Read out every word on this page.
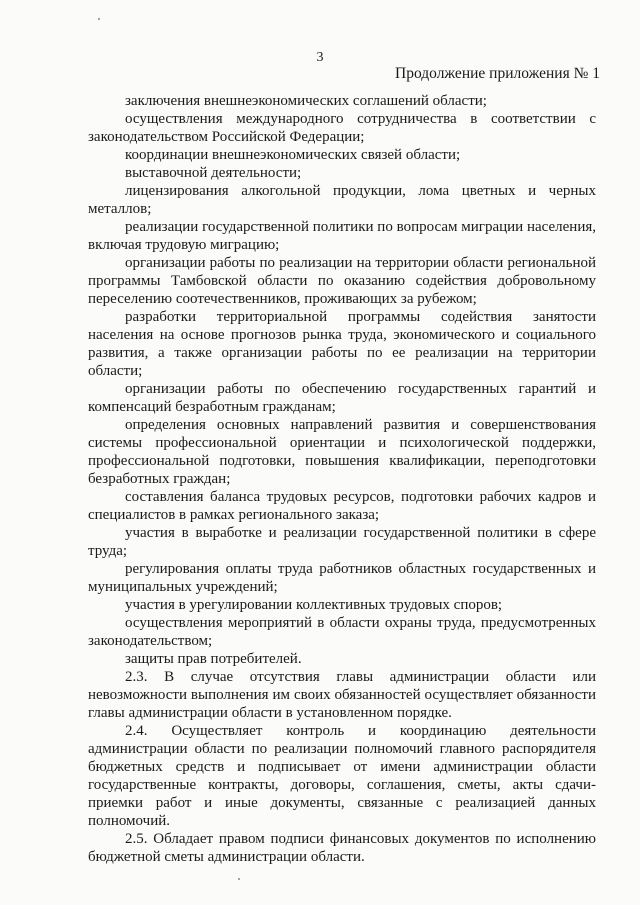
3
Продолжение приложения № 1

заключения внешнеэкономических соглашений области;

осуществления международного сотрудничества в соответствии с законодательством Российской Федерации;

координации внешнеэкономических связей области;

выставочной деятельности;

лицензирования алкогольной продукции, лома цветных и черных металлов;

реализации государственной политики по вопросам миграции населения, включая трудовую миграцию;

организации работы по реализации на территории области региональной программы Тамбовской области по оказанию содействия добровольному переселению соотечественников, проживающих за рубежом;

разработки территориальной программы содействия занятости населения на основе прогнозов рынка труда, экономического и социального развития, а также организации работы по ее реализации на территории области;

организации работы по обеспечению государственных гарантий и компенсаций безработным гражданам;

определения основных направлений развития и совершенствования системы профессиональной ориентации и психологической поддержки, профессиональной подготовки, повышения квалификации, переподготовки безработных граждан;

составления баланса трудовых ресурсов, подготовки рабочих кадров и специалистов в рамках регионального заказа;

участия в выработке и реализации государственной политики в сфере труда;

регулирования оплаты труда работников областных государственных и муниципальных учреждений;

участия в урегулировании коллективных трудовых споров;

осуществления мероприятий в области охраны труда, предусмотренных законодательством;

защиты прав потребителей.

2.3. В случае отсутствия главы администрации области или невозможности выполнения им своих обязанностей осуществляет обязанности главы администрации области в установленном порядке.

2.4. Осуществляет контроль и координацию деятельности администрации области по реализации полномочий главного распорядителя бюджетных средств и подписывает от имени администрации области государственные контракты, договоры, соглашения, сметы, акты сдачи-приемки работ и иные документы, связанные с реализацией данных полномочий.

2.5. Обладает правом подписи финансовых документов по исполнению бюджетной сметы администрации области.
